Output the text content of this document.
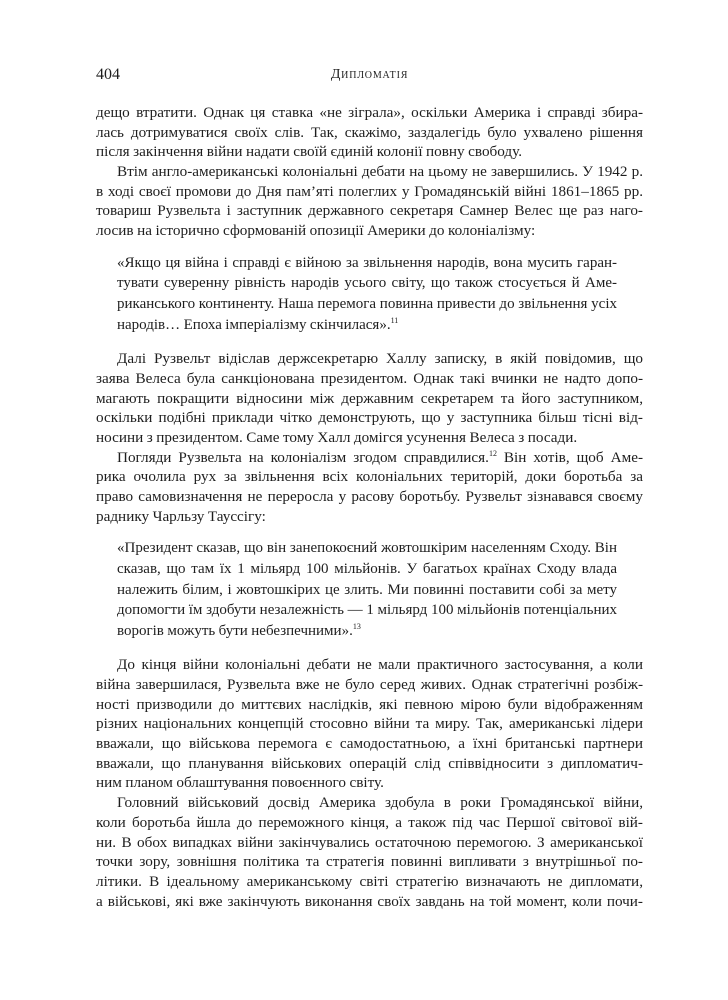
404	Дипломатія
дещо втратити. Однак ця ставка «не зіграла», оскільки Америка і справді збира-
лась дотримуватися своїх слів. Так, скажімо, заздалегідь було ухвалено рішення
після закінчення війни надати своїй єдиній колонії повну свободу.
Втім англо-американські колоніальні дебати на цьому не завершились. У 1942 р.
в ході своєї промови до Дня пам’яті полеглих у Громадянській війні 1861–1865 рр.
товариш Рузвельта і заступник державного секретаря Самнер Велес ще раз наго-
лосив на історично сформованій опозиції Америки до колоніалізму:
«Якщо ця війна і справді є війною за звільнення народів, вона мусить гаран-
тувати суверенну рівність народів усього світу, що також стосується й Аме-
риканського континенту. Наша перемога повинна привести до звільнення усіх
народів… Епоха імперіалізму скінчилася».$^{11}$
Далі Рузвельт відіслав держсекретарю Халлу записку, в якій повідомив, що
заява Велеса була санкціонована президентом. Однак такі вчинки не надто допо-
магають покращити відносини між державним секретарем та його заступником,
оскільки подібні приклади чітко демонструють, що у заступника більш тісні від-
носини з президентом. Саме тому Халл домігся усунення Велеса з посади.
Погляди Рузвельта на колоніалізм згодом справдилися.$^{12}$ Він хотів, щоб Аме-
рика очолила рух за звільнення всіх колоніальних територій, доки боротьба за
право самовизначення не переросла у расову боротьбу. Рузвельт зізнавався своєму
раднику Чарльзу Тауссігу:
«Президент сказав, що він занепокоєний жовтошкірим населенням Сходу. Він
сказав, що там їх 1 мільярд 100 мільйонів. У багатьох країнах Сходу влада
належить білим, і жовтошкірих це злить. Ми повинні поставити собі за мету
допомогти їм здобути незалежність — 1 мільярд 100 мільйонів потенціальних
ворогів можуть бути небезпечними».$^{13}$
До кінця війни колоніальні дебати не мали практичного застосування, а коли
війна завершилася, Рузвельта вже не було серед живих. Однак стратегічні розбіж-
ності призводили до миттєвих наслідків, які певною мірою були відображенням
різних національних концепцій стосовно війни та миру. Так, американські лідери
вважали, що військова перемога є самодостатньою, а їхні британські партнери
вважали, що планування військових операцій слід співвідносити з дипломатич-
ним планом облаштування повоєнного світу.
Головний військовий досвід Америка здобула в роки Громадянської війни,
коли боротьба йшла до переможного кінця, а також під час Першої світової вій-
ни. В обох випадках війни закінчувались остаточною перемогою. З американської
точки зору, зовнішня політика та стратегія повинні випливати з внутрішньої по-
літики. В ідеальному американському світі стратегію визначають не дипломати,
а військові, які вже закінчують виконання своїх завдань на той момент, коли почи-
